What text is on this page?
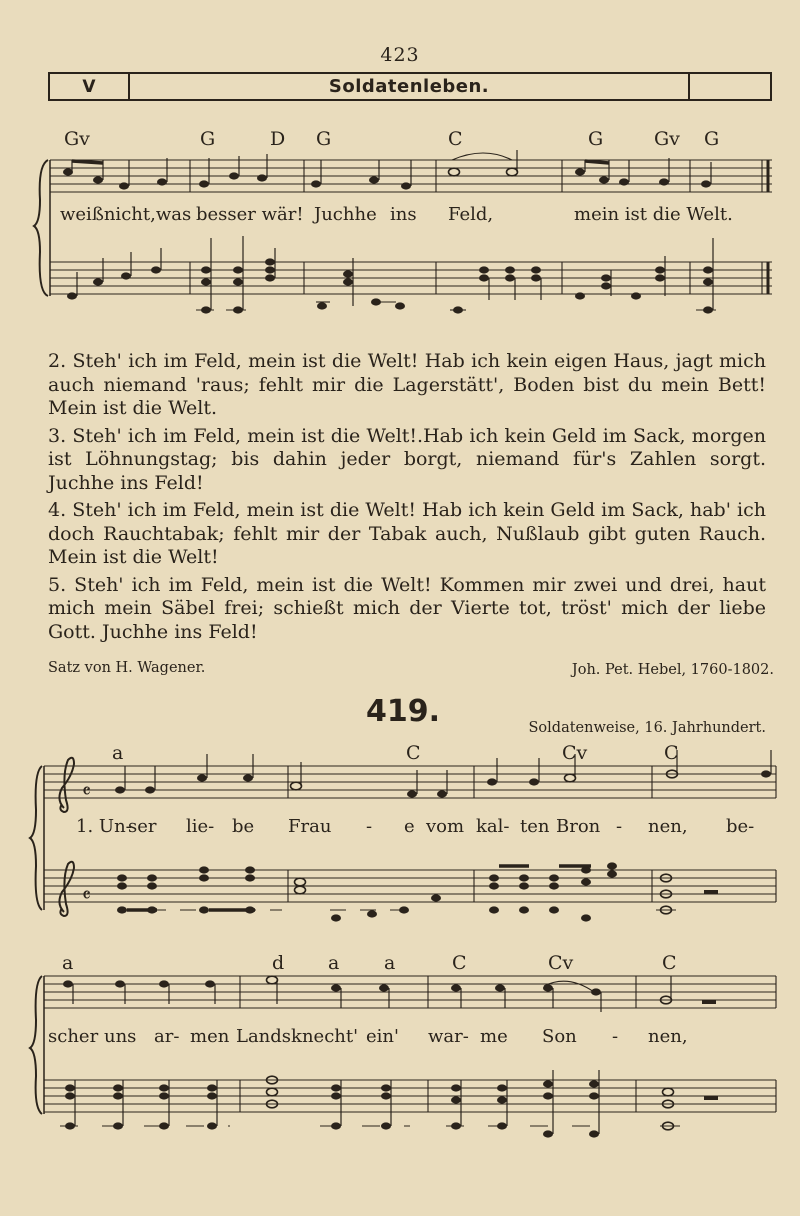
423
V	Soldatenleben.
Gv	G	D G	C	G	Gv G
weißnicht,was besser wär! Juchhe ins Feld,	mein ist die Welt.

2. Steh' ich im Feld, mein ist die Welt! Hab ich kein eigen Haus, jagt mich auch niemand 'raus; fehlt mir die Lagerstätt', Boden bist du mein Bett! Mein ist die Welt.

3. Steh' ich im Feld, mein ist die Welt!.Hab ich kein Geld im Sack, morgen ist Löhnungstag; bis dahin jeder borgt, niemand für's Zahlen sorgt. Juchhe ins Feld!

4. Steh' ich im Feld, mein ist die Welt! Hab ich kein Geld im Sack, hab' ich doch Rauchtabak; fehlt mir der Tabak auch, Nußlaub gibt guten Rauch. Mein ist die Welt!

5. Steh' ich im Feld, mein ist die Welt! Kommen mir zwei und drei, haut mich mein Säbel frei; schießt mich der Vierte tot, tröst' mich der liebe Gott. Juchhe ins Feld!

Satz von H. Wagener.	Joh. Pet. Hebel, 1760-1802.
419.	Soldatenweise, 16. Jahrhundert.
a	C	Cv	C
𝄴
𝄴
1. Un-
ser lie- be Frau - e vom kal- ten Bron - nen, be-
a	d a a	C	Cv	C
scher uns ar- men Landsknecht' ein' war- me Son - nen,
